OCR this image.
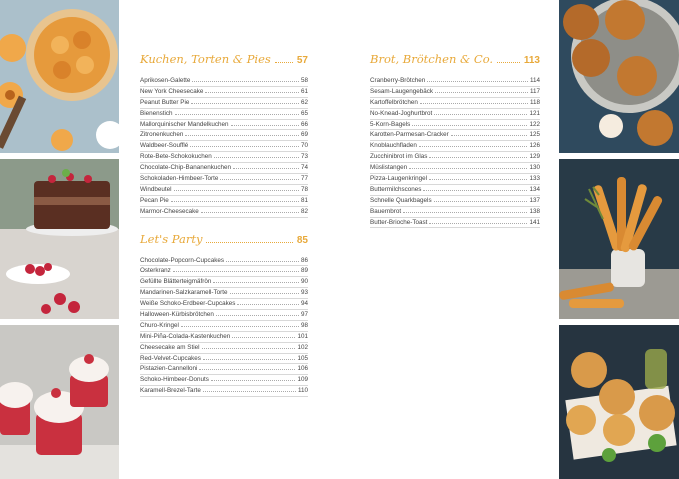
Kuchen, Torten & Pies	57
Aprikosen-Galette	58
New York Cheesecake	61
Peanut Butter Pie	62
Bienenstich	65
Mallorquinischer Mandelkuchen	66
Zitronenkuchen	69
Waldbeer-Soufflé	70
Rote-Bete-Schokokuchen	73
Chocolate-Chip-Bananenkuchen	74
Schokoladen-Himbeer-Torte	77
Windbeutel	78
Pecan Pie	81
Marmor-Cheesecake	82
Let's Party	85
Chocolate-Popcorn-Cupcakes	86
Osterkranz	89
Gefüllte Blätterteigmäfrön	90
Mandarinen-Salzkaramell-Torte	93
Weiße Schoko-Erdbeer-Cupcakes	94
Halloween-Kürbisbrötchen	97
Churo-Kringel	98
Mini-Piña-Colada-Kastenkuchen	101
Cheesecake am Stiel	102
Red-Velvet-Cupcakes	105
Pistazien-Cannelloni	106
Schoko-Himbeer-Donuts	109
Karamell-Brezel-Tarte	110
Brot, Brötchen & Co.	113
Cranberry-Brötchen	114
Sesam-Laugengebäck	117
Kartoffelbrötchen	118
No-Knead-Joghurtbrot	121
5-Korn-Bagels	122
Karotten-Parmesan-Cracker	125
Knoblauchfladen	126
Zucchinibrot im Glas	129
Müslistangen	130
Pizza-Laugenkringel	133
Buttermilchscones	134
Schnelle Quarkbagels	137
Bauernbrot	138
Butter-Brioche-Toast	141
